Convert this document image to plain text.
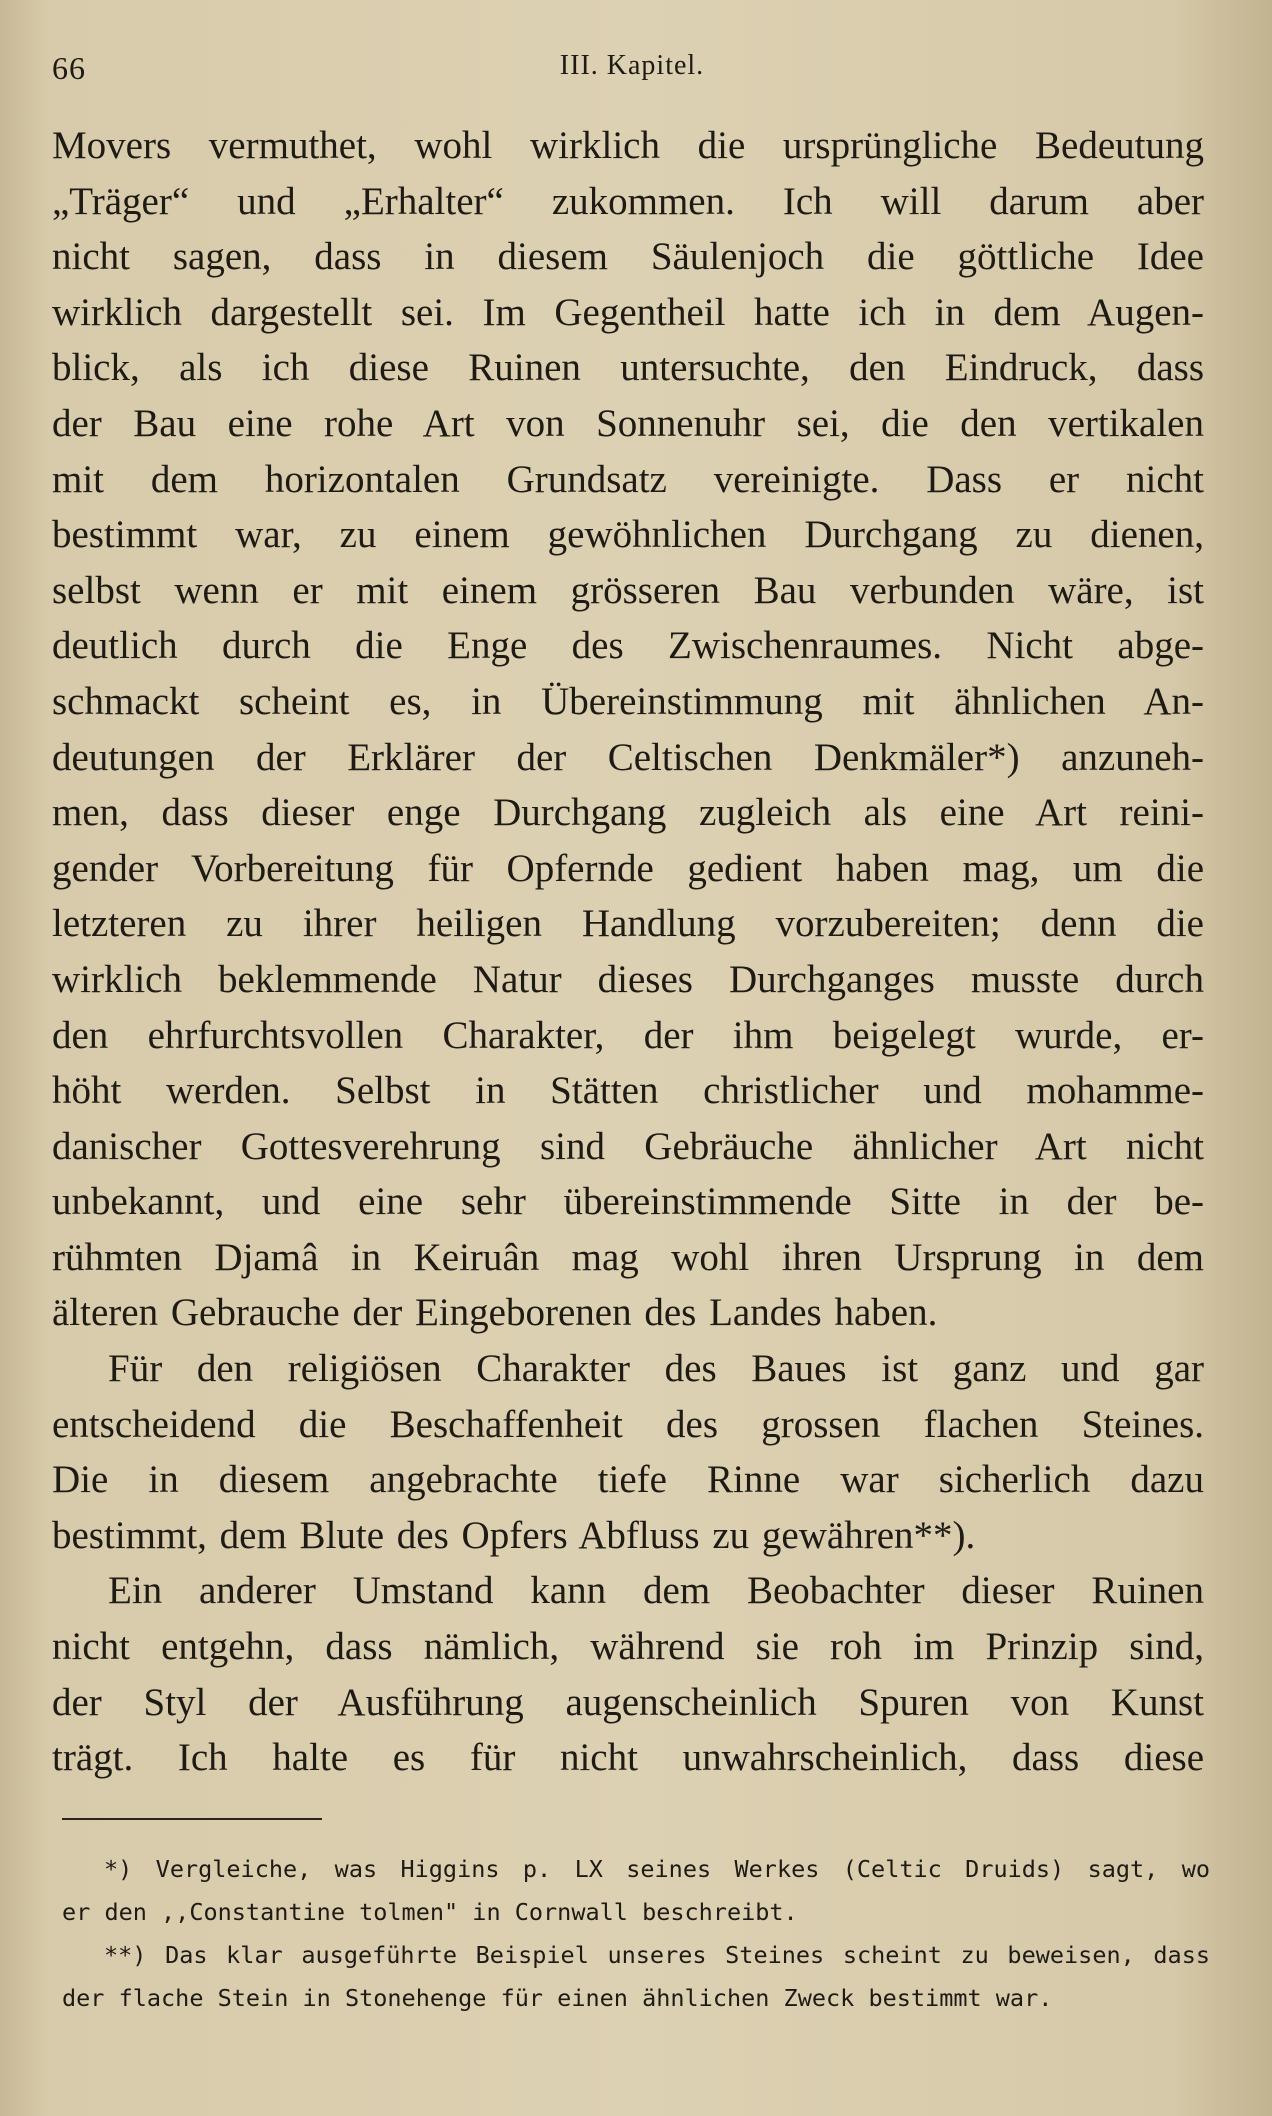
66	III. Kapitel.
Movers vermuthet, wohl wirklich die ursprüngliche Bedeutung
„Träger“ und „Erhalter“ zukommen. Ich will darum aber
nicht sagen, dass in diesem Säulenjoch die göttliche Idee
wirklich dargestellt sei. Im Gegentheil hatte ich in dem Augen-
blick, als ich diese Ruinen untersuchte, den Eindruck, dass
der Bau eine rohe Art von Sonnenuhr sei, die den vertikalen
mit dem horizontalen Grundsatz vereinigte. Dass er nicht
bestimmt war, zu einem gewöhnlichen Durchgang zu dienen,
selbst wenn er mit einem grösseren Bau verbunden wäre, ist
deutlich durch die Enge des Zwischenraumes. Nicht abge-
schmackt scheint es, in Übereinstimmung mit ähnlichen An-
deutungen der Erklärer der Celtischen Denkmäler*) anzuneh-
men, dass dieser enge Durchgang zugleich als eine Art reini-
gender Vorbereitung für Opfernde gedient haben mag, um die
letzteren zu ihrer heiligen Handlung vorzubereiten; denn die
wirklich beklemmende Natur dieses Durchganges musste durch
den ehrfurchtsvollen Charakter, der ihm beigelegt wurde, er-
höht werden. Selbst in Stätten christlicher und mohamme-
danischer Gottesverehrung sind Gebräuche ähnlicher Art nicht
unbekannt, und eine sehr übereinstimmende Sitte in der be-
rühmten Djamâ in Keiruân mag wohl ihren Ursprung in dem
älteren Gebrauche der Eingeborenen des Landes haben.
Für den religiösen Charakter des Baues ist ganz und gar
entscheidend die Beschaffenheit des grossen flachen Steines.
Die in diesem angebrachte tiefe Rinne war sicherlich dazu
bestimmt, dem Blute des Opfers Abfluss zu gewähren**).
Ein anderer Umstand kann dem Beobachter dieser Ruinen
nicht entgehn, dass nämlich, während sie roh im Prinzip sind,
der Styl der Ausführung augenscheinlich Spuren von Kunst
trägt. Ich halte es für nicht unwahrscheinlich, dass diese
*) Vergleiche, was Higgins p. LX seines Werkes (Celtic Druids) sagt, wo
er den ,,Constantine tolmen" in Cornwall beschreibt.
**) Das klar ausgeführte Beispiel unseres Steines scheint zu beweisen, dass
der flache Stein in Stonehenge für einen ähnlichen Zweck bestimmt war.
